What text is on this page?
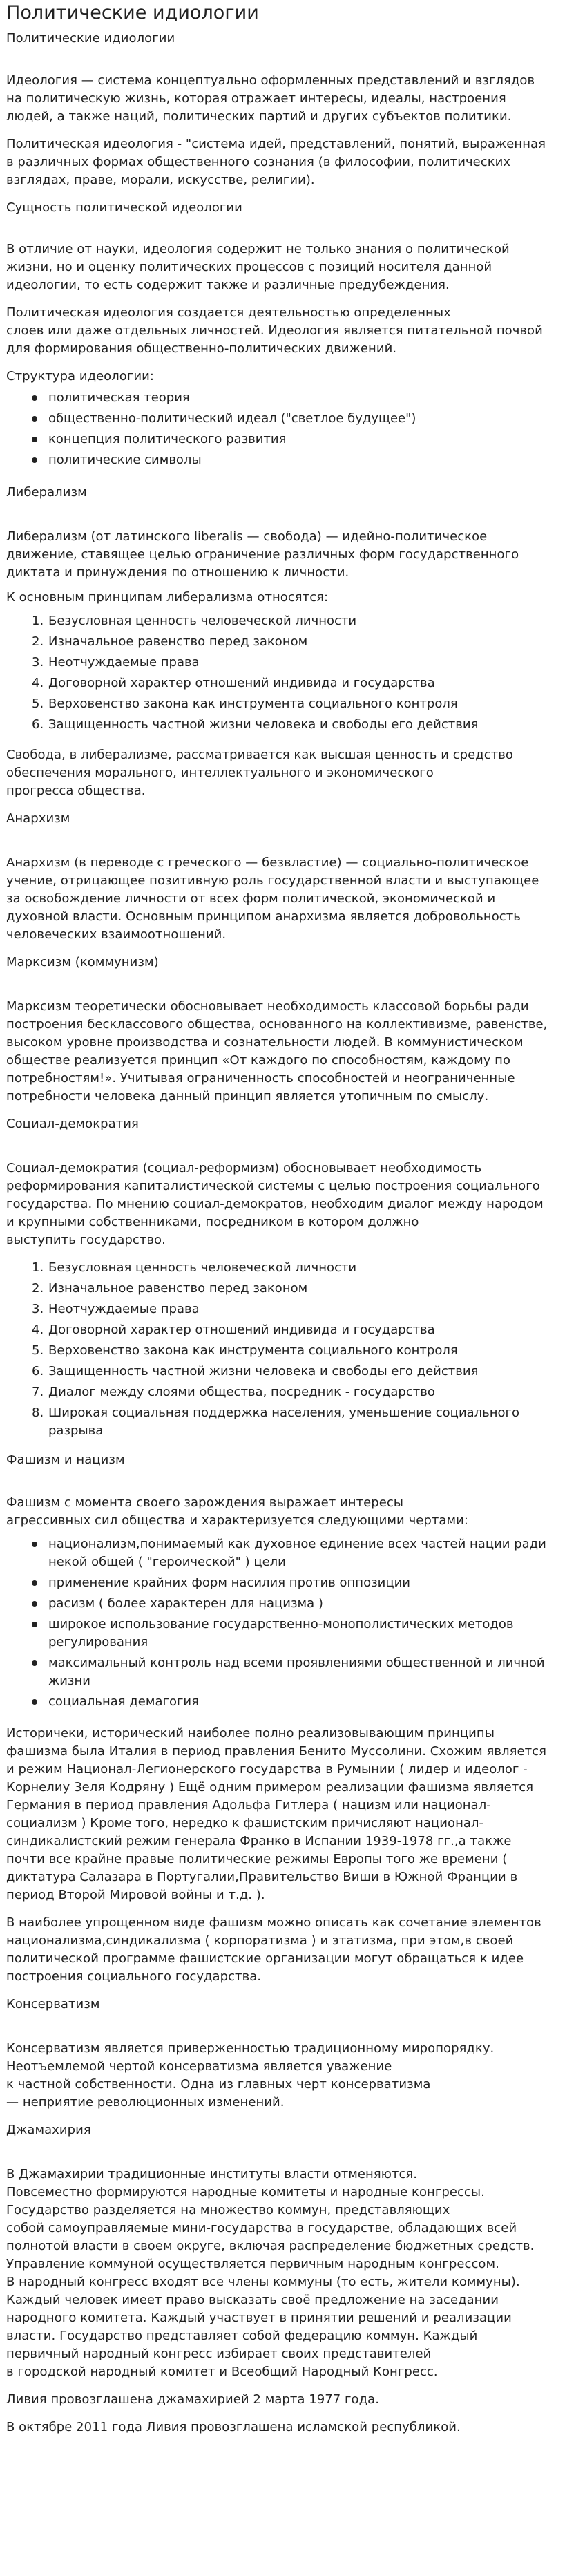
Политические идиологии
Политические идиологии
Идеология — система концептуально оформленных представлений и взглядов
на политическую жизнь, которая отражает интересы, идеалы, настроения
людей, а также наций, политических партий и других субъектов политики.
Политическая идеология - "система идей, представлений, понятий, выраженная
в различных формах общественного сознания (в философии, политических
взглядах, праве, морали, искусстве, религии).
Сущность политической идеологии
В отличие от науки, идеология содержит не только знания о политической
жизни, но и оценку политических процессов с позиций носителя данной
идеологии, то есть содержит также и различные предубеждения.
Политическая идеология создается деятельностью определенных
слоев или даже отдельных личностей. Идеология является питательной почвой
для формирования общественно-политических движений.
Структура идеологии:
политическая теория
общественно-политический идеал ("светлое будущее")
концепция политического развития
политические символы
Либерализм
Либерализм (от латинского liberalis — свобода) — идейно-политическое
движение, ставящее целью ограничение различных форм государственного
диктата и принуждения по отношению к личности.
К основным принципам либерализма относятся:
1. Безусловная ценность человеческой личности
2. Изначальное равенство перед законом
3. Неотчуждаемые права
4. Договорной характер отношений индивида и государства
5. Верховенство закона как инструмента социального контроля
6. Защищенность частной жизни человека и свободы его действия
Свобода, в либерализме, рассматривается как высшая ценность и средство
обеспечения морального, интеллектуального и экономического
прогресса общества.
Анархизм
Анархизм (в переводе с греческого — безвластие) — социально-политическое
учение, отрицающее позитивную роль государственной власти и выступающее
за освобождение личности от всех форм политической, экономической и
духовной власти. Основным принципом анархизма является добровольность
человеческих взаимоотношений.
Марксизм (коммунизм)
Марксизм теоретически обосновывает необходимость классовой борьбы ради
построения бесклассового общества, основанного на коллективизме, равенстве,
высоком уровне производства и сознательности людей. В коммунистическом
обществе реализуется принцип «От каждого по способностям, каждому по
потребностям!». Учитывая ограниченность способностей и неограниченные
потребности человека данный принцип является утопичным по смыслу.
Социал-демократия
Социал-демократия (социал-реформизм) обосновывает необходимость
реформирования капиталистической системы с целью построения социального
государства. По мнению социал-демократов, необходим диалог между народом
и крупными собственниками, посредником в котором должно
выступить государство.
1. Безусловная ценность человеческой личности
2. Изначальное равенство перед законом
3. Неотчуждаемые права
4. Договорной характер отношений индивида и государства
5. Верховенство закона как инструмента социального контроля
6. Защищенность частной жизни человека и свободы его действия
7. Диалог между слоями общества, посредник - государство
8. Широкая социальная поддержка населения, уменьшение социального
разрыва
Фашизм и нацизм
Фашизм с момента своего зарождения выражает интересы
агрессивных сил общества и характеризуется следующими чертами:
национализм,понимаемый как духовное единение всех частей нации ради
некой общей ( "героической" ) цели
применение крайних форм насилия против оппозиции
расизм ( более характерен для нацизма )
широкое использование государственно-монополистических методов
регулирования
максимальный контроль над всеми проявлениями общественной и личной
жизни
социальная демагогия
Историчеки, исторический наиболее полно реализовывающим принципы
фашизма была Италия в период правления Бенито Муссолини. Схожим является
и режим Национал-Легионерского государства в Румынии ( лидер и идеолог -
Корнелиу Зеля Кодряну ) Ещё одним примером реализации фашизма является
Германия в период правления Адольфа Гитлера ( нацизм или национал-
социализм ) Кроме того, нередко к фашистским причисляют национал-
синдикалистский режим генерала Франко в Испании 1939-1978 гг.,а также
почти все крайне правые политические режимы Европы того же времени (
диктатура Салазара в Португалии,Правительство Виши в Южной Франции в
период Второй Мировой войны и т.д. ).
В наиболее упрощенном виде фашизм можно описать как сочетание элементов
национализма,синдикализма ( корпоратизма ) и этатизма, при этом,в своей
политической программе фашистские организации могут обращаться к идее
построения социального государства.
Консерватизм
Консерватизм является приверженностью традиционному миропорядку.
Неотъемлемой чертой консерватизма является уважение
к частной собственности. Одна из главных черт консерватизма
— неприятие революционных изменений.
Джамахирия
В Джамахирии традиционные институты власти отменяются.
Повсеместно формируются народные комитеты и народные конгрессы.
Государство разделяется на множество коммун, представляющих
собой самоуправляемые мини-государства в государстве, обладающих всей
полнотой власти в своем округе, включая распределение бюджетных средств.
Управление коммуной осуществляется первичным народным конгрессом.
В народный конгресс входят все члены коммуны (то есть, жители коммуны).
Каждый человек имеет право высказать своё предложение на заседании
народного комитета. Каждый участвует в принятии решений и реализации
власти. Государство представляет собой федерацию коммун. Каждый
первичный народный конгресс избирает своих представителей
в городской народный комитет и Всеобщий Народный Конгресс.
Ливия провозглашена джамахирией 2 марта 1977 года.
В октябре 2011 года Ливия провозглашена исламской республикой.
